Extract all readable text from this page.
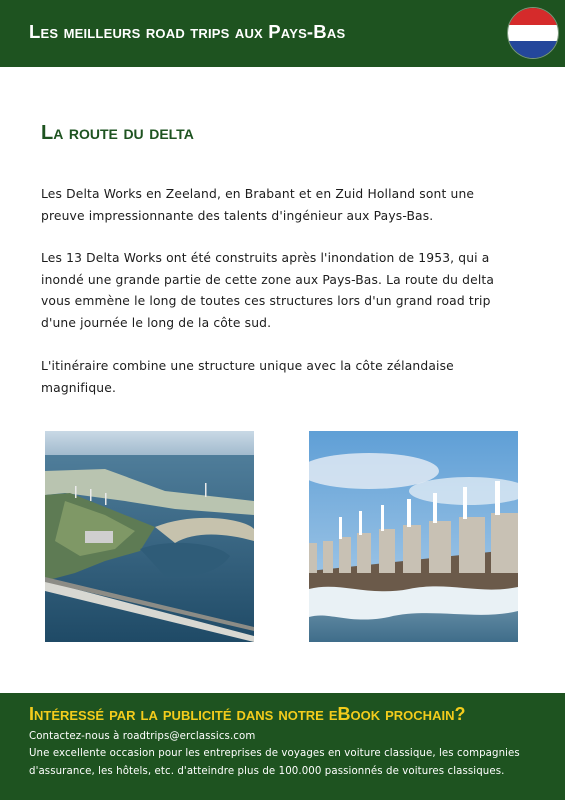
Les meilleurs road trips aux Pays-Bas
La route du delta
Les Delta Works en Zeeland, en Brabant et en Zuid Holland sont une preuve impressionnante des talents d'ingénieur aux Pays-Bas.
Les 13 Delta Works ont été construits après l'inondation de 1953, qui a inondé une grande partie de cette zone aux Pays-Bas. La route du delta vous emmène le long de toutes ces structures lors d'un grand road trip d'une journée le long de la côte sud.
L'itinéraire combine une structure unique avec la côte zélandaise magnifique.
Intéressé par la publicité dans notre eBook prochain?
Contactez-nous à roadtrips@erclassics.com
Une excellente occasion pour les entreprises de voyages en voiture classique, les compagnies d'assurance, les hôtels, etc. d'atteindre plus de 100.000 passionnés de voitures classiques.
